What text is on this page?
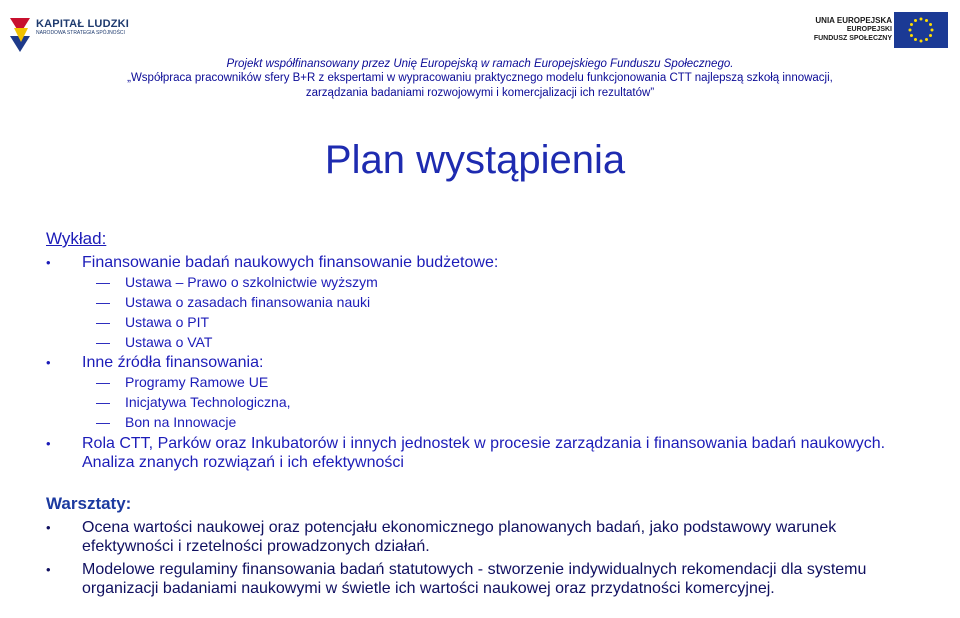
KAPITAŁ LUDZKI
NARODOWA STRATEGIA SPÓJNOŚCI
UNIA EUROPEJSKA
EUROPEJSKI
FUNDUSZ SPOŁECZNY
Projekt współfinansowany przez Unię Europejską w ramach Europejskiego Funduszu Społecznego.
„Współpraca pracowników sfery B+R z ekspertami w wypracowaniu praktycznego modelu funkcjonowania CTT najlepszą szkołą innowacji,
zarządzania badaniami rozwojowymi i komercjalizacji ich rezultatów”
Plan wystąpienia
Wykład:
• Finansowanie badań naukowych finansowanie budżetowe:
— Ustawa – Prawo o szkolnictwie wyższym
— Ustawa o zasadach finansowania nauki
— Ustawa o PIT
— Ustawa o VAT
• Inne źródła finansowania:
— Programy Ramowe UE
— Inicjatywa Technologiczna,
— Bon na Innowacje
• Rola CTT, Parków oraz Inkubatorów i innych jednostek w procesie zarządzania i finansowania badań naukowych. Analiza znanych rozwiązań i ich efektywności
Warsztaty:
• Ocena wartości naukowej oraz potencjału ekonomicznego planowanych badań, jako podstawowy warunek efektywności i rzetelności prowadzonych działań.
• Modelowe regulaminy finansowania badań statutowych - stworzenie indywidualnych rekomendacji dla systemu organizacji badaniami naukowymi w świetle ich wartości naukowej oraz przydatności komercyjnej.
